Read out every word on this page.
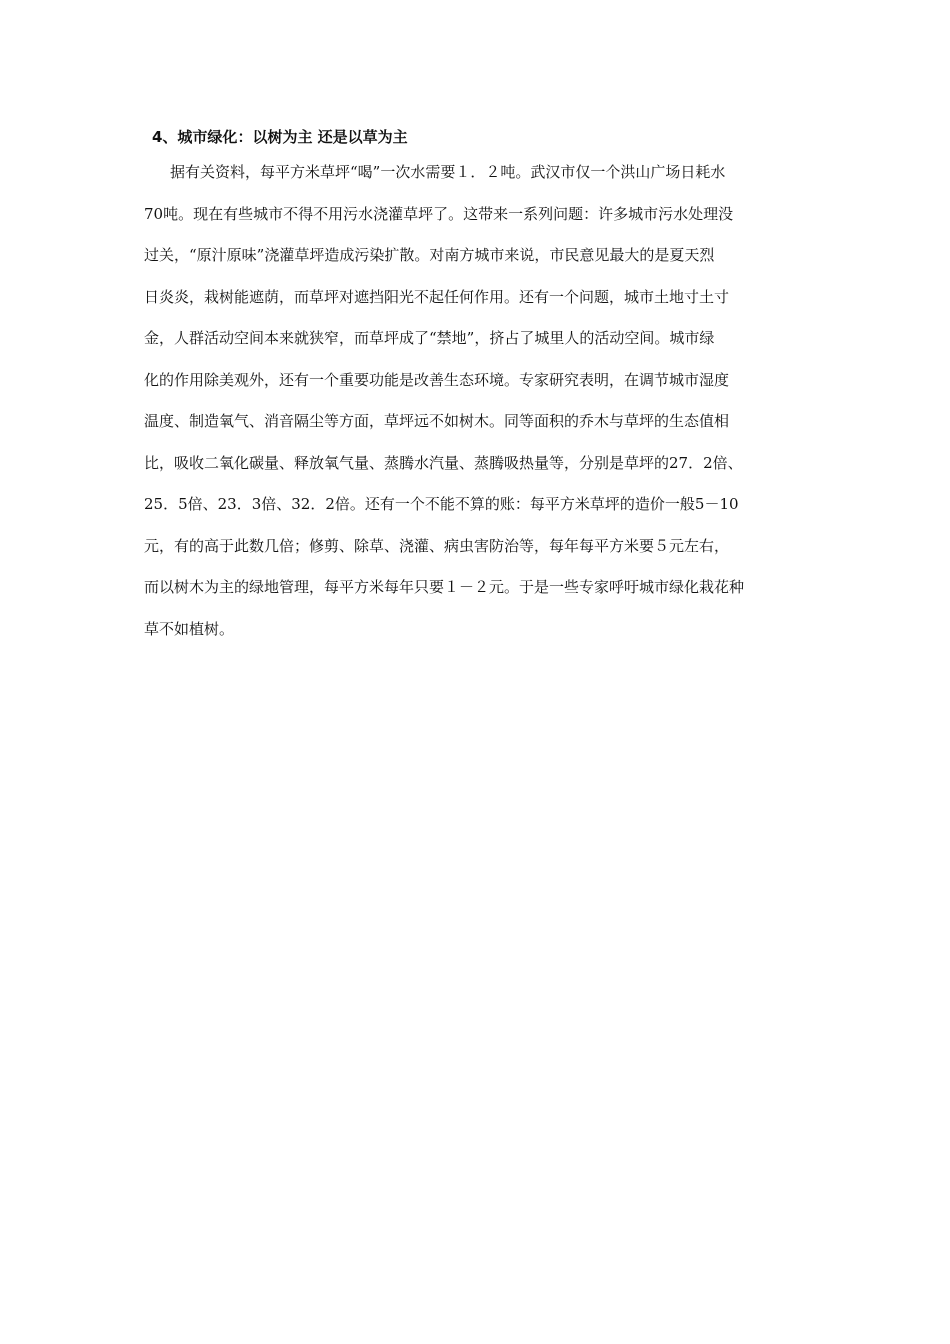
4、城市绿化：以树为主 还是以草为主
据有关资料，每平方米草坪“喝”一次水需要１．２吨。武汉市仅一个洪山广场日耗水
70吨。现在有些城市不得不用污水浇灌草坪了。这带来一系列问题：许多城市污水处理没
过关，“原汁原味”浇灌草坪造成污染扩散。对南方城市来说，市民意见最大的是夏天烈
日炎炎，栽树能遮荫，而草坪对遮挡阳光不起任何作用。还有一个问题，城市土地寸土寸
金，人群活动空间本来就狭窄，而草坪成了“禁地”，挤占了城里人的活动空间。城市绿
化的作用除美观外，还有一个重要功能是改善生态环境。专家研究表明，在调节城市湿度
温度、制造氧气、消音隔尘等方面，草坪远不如树木。同等面积的乔木与草坪的生态值相
比，吸收二氧化碳量、释放氧气量、蒸腾水汽量、蒸腾吸热量等，分别是草坪的27．2倍、
25．5倍、23．3倍、32．2倍。还有一个不能不算的账：每平方米草坪的造价一般5－10
元，有的高于此数几倍；修剪、除草、浇灌、病虫害防治等，每年每平方米要５元左右，
而以树木为主的绿地管理，每平方米每年只要１－２元。于是一些专家呼吁城市绿化栽花种
草不如植树。
